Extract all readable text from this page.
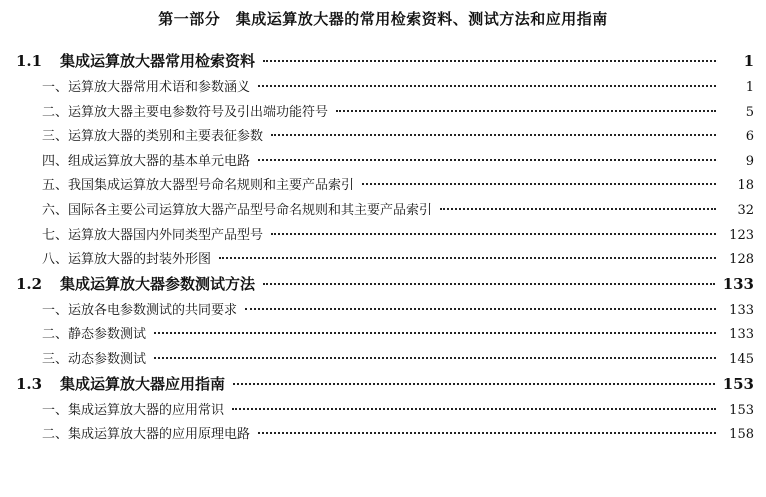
第一部分　集成运算放大器的常用检索资料、测试方法和应用指南
1.1	集成运算放大器常用检索资料	1
一、运算放大器常用术语和参数涵义	1
二、运算放大器主要电参数符号及引出端功能符号	5
三、运算放大器的类别和主要表征参数	6
四、组成运算放大器的基本单元电路	9
五、我国集成运算放大器型号命名规则和主要产品索引	18
六、国际各主要公司运算放大器产品型号命名规则和其主要产品索引	32
七、运算放大器国内外同类型产品型号	123
八、运算放大器的封装外形图	128
1.2	集成运算放大器参数测试方法	133
一、运放各电参数测试的共同要求	133
二、静态参数测试	133
三、动态参数测试	145
1.3	集成运算放大器应用指南	153
一、集成运算放大器的应用常识	153
二、集成运算放大器的应用原理电路	158
